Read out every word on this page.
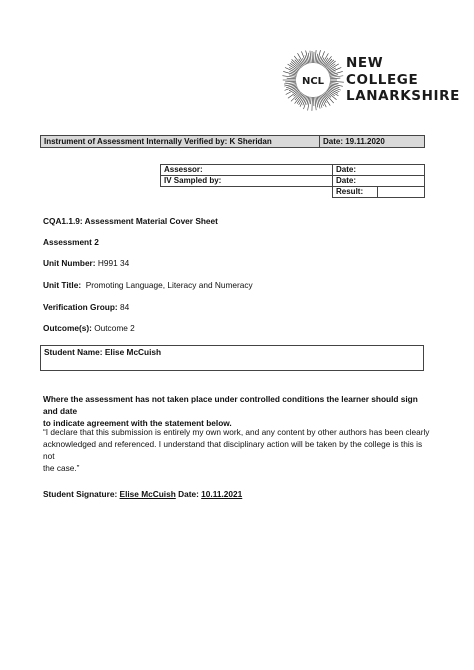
NCL
NEW
COLLEGE
LANARKSHIRE
Instrument of Assessment Internally Verified by: K Sheridan	Date: 19.11.2020
Assessor:	Date:	
IV Sampled by:	Date:	
	Result:	
CQA1.1.9: Assessment Material Cover Sheet
Assessment 2
Unit Number: H991 34
Unit Title: Promoting Language, Literacy and Numeracy
Verification Group: 84
Outcome(s): Outcome 2
Student Name: Elise McCuish
Where the assessment has not taken place under controlled conditions the learner should sign and date
to indicate agreement with the statement below.
“I declare that this submission is entirely my own work, and any content by other authors has been clearly
acknowledged and referenced. I understand that disciplinary action will be taken by the college is this is not
the case.”
Student Signature: Elise McCuish Date: 10.11.2021
